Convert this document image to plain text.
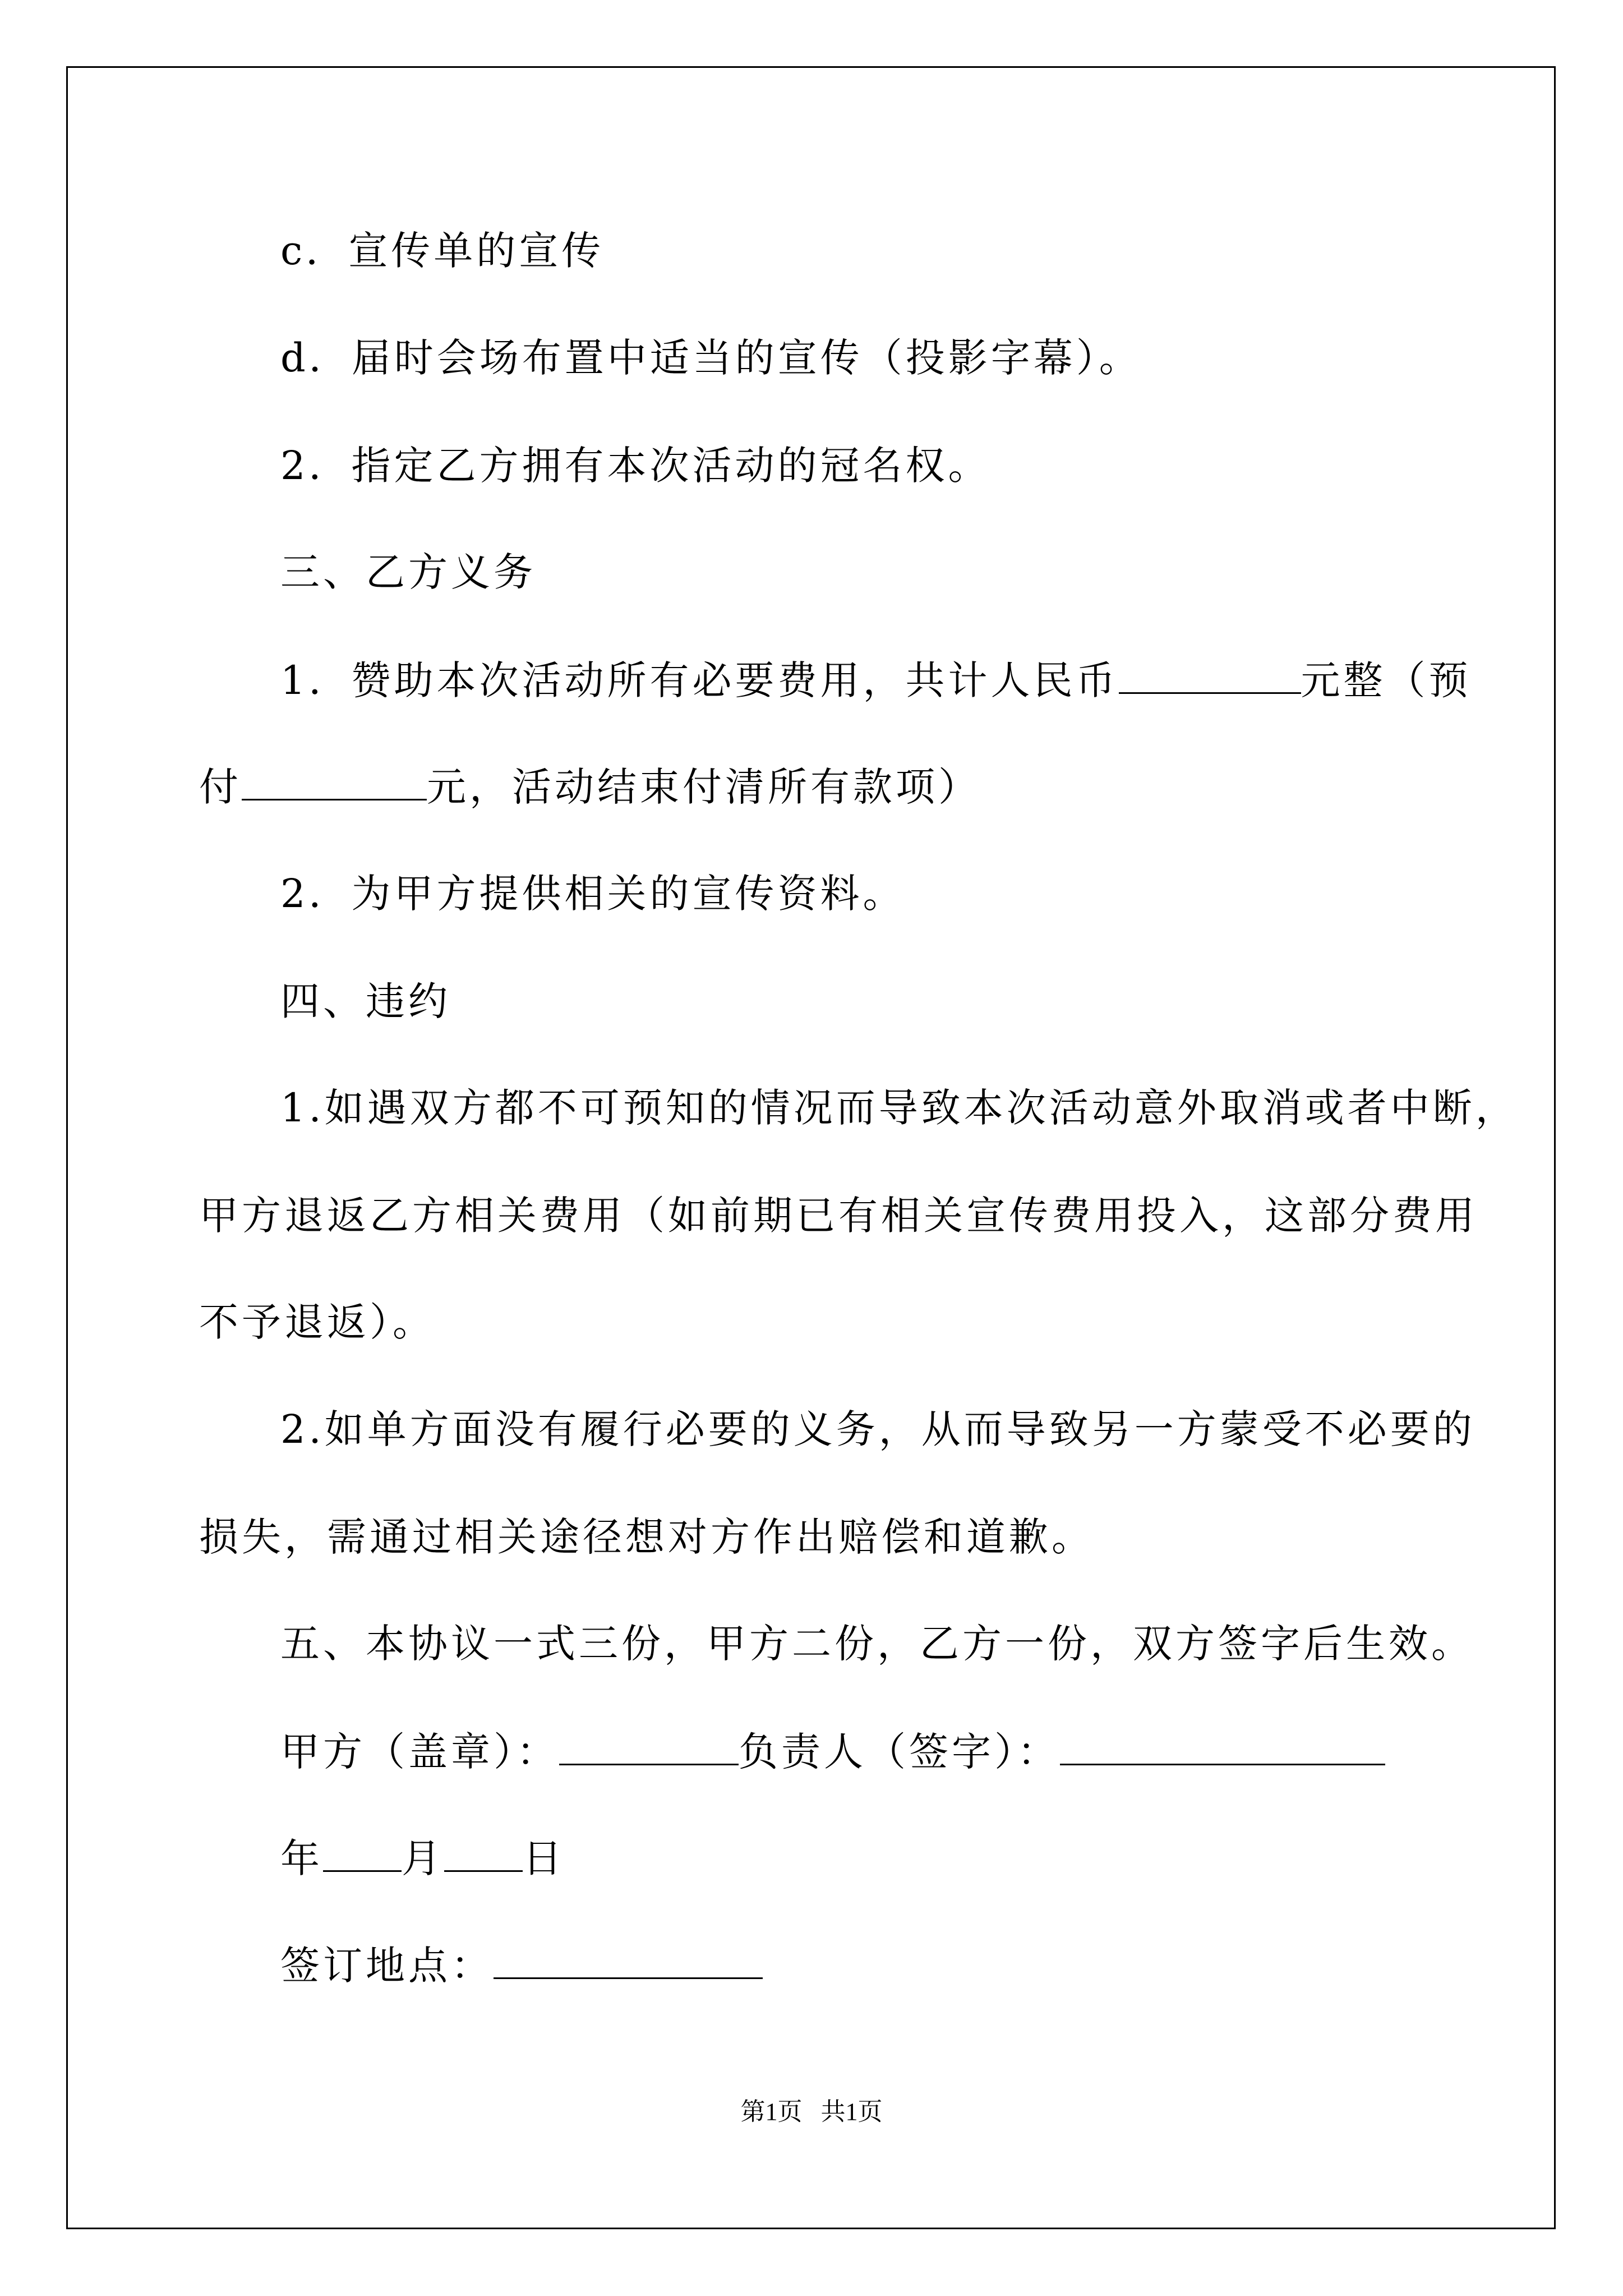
c．宣传单的宣传
d．届时会场布置中适当的宣传（投影字幕）。
2．指定乙方拥有本次活动的冠名权。
三、乙方义务
1．赞助本次活动所有必要费用，共计人民币	元整（预
付	元，活动结束付清所有款项）
2．为甲方提供相关的宣传资料。
四、违约
1.如遇双方都不可预知的情况而导致本次活动意外取消或者中断，
甲方退返乙方相关费用（如前期已有相关宣传费用投入，这部分费用
不予退返）。
2.如单方面没有履行必要的义务，从而导致另一方蒙受不必要的
损失，需通过相关途径想对方作出赔偿和道歉。
五、本协议一式三份，甲方二份，乙方一份，双方签字后生效。
甲方（盖章）：	负责人（签字）：
年 月 日
签订地点：
第1页   共1页
